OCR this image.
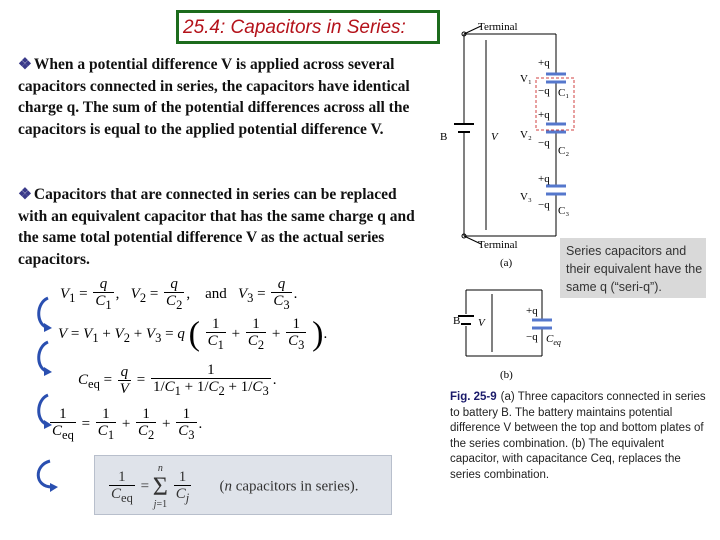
25.4: Capacitors in Series:
❖ When a potential difference V is applied across several capacitors connected in series, the capacitors have identical charge q. The sum of the potential differences across all the capacitors is equal to the applied potential difference V.
❖ Capacitors that are connected in series can be replaced with an equivalent capacitor that has the same charge q and the same total potential difference V as the actual series capacitors.
$V_1 = \frac{q}{C_1}$ ,   $V_2 = \frac{q}{C_2}$ ,    and   $V_3 = \frac{q}{C_3}$ .
$V = V_1 + V_2 + V_3 = q$ ( $\frac{1}{C_1} + \frac{1}{C_2} + \frac{1}{C_3}$ ).
$C_{eq} = \frac{q}{V} = \frac{1}{1/C_1 + 1/C_2 + 1/C_3}$ .
$\frac{1}{C_{eq}} = \frac{1}{C_1} + \frac{1}{C_2} + \frac{1}{C_3}$ .
$\frac{1}{C_{eq}} = n$
Σ
$j=1 \frac{1}{C_j} (n$ capacitors in series).
Terminal
Terminal
B	V
+q
+q
+q
−q
−q
−q
V₁
V₂
V₃
C₁
C₂
C₃
(a)
Series capacitors and their equivalent have the same q (“seri-q”).
B V
+q
−q $C_{eq}$
(b)
Fig. 25-9 (a) Three capacitors connected in series to battery B. The battery maintains potential difference V between the top and bottom plates of the series combination. (b) The equivalent capacitor, with capacitance Ceq, replaces the series combination.
